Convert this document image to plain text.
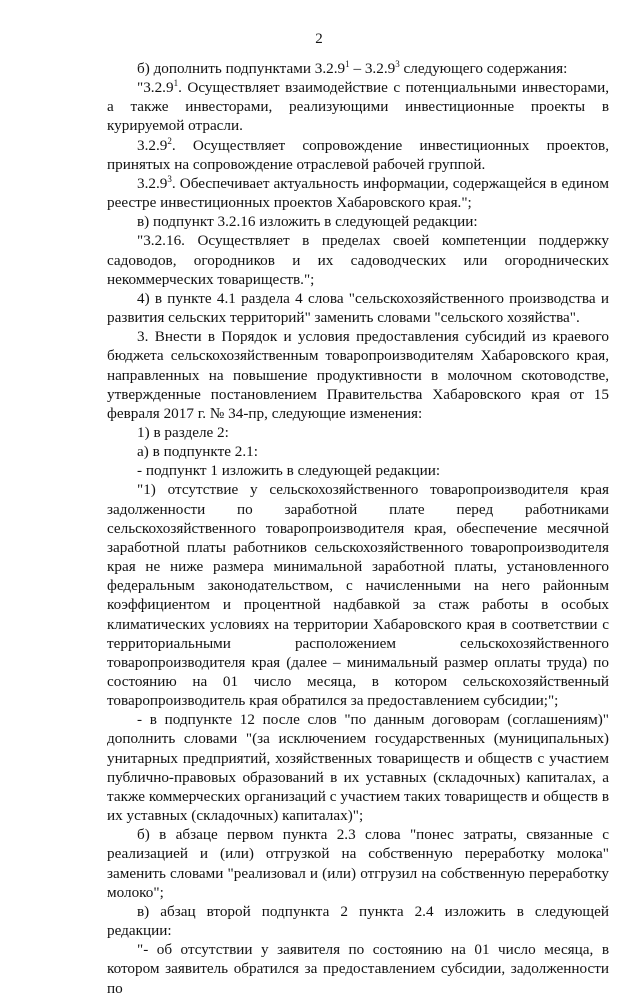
2

б) дополнить подпунктами 3.2.9$^1$ – 3.2.9$^3$ следующего содержания:

"3.2.9$^1$. Осуществляет взаимодействие с потенциальными инвесторами, а также инвесторами, реализующими инвестиционные проекты в курируемой отрасли.

3.2.9$^2$. Осуществляет сопровождение инвестиционных проектов, принятых на сопровождение отраслевой рабочей группой.

3.2.9$^3$. Обеспечивает актуальность информации, содержащейся в едином реестре инвестиционных проектов Хабаровского края.";

в) подпункт 3.2.16 изложить в следующей редакции:

"3.2.16. Осуществляет в пределах своей компетенции поддержку садоводов, огородников и их садоводческих или огороднических некоммерческих товариществ.";

4) в пункте 4.1 раздела 4 слова "сельскохозяйственного производства и развития сельских территорий" заменить словами "сельского хозяйства".

3. Внести в Порядок и условия предоставления субсидий из краевого бюджета сельскохозяйственным товаропроизводителям Хабаровского края, направленных на повышение продуктивности в молочном скотоводстве, утвержденные постановлением Правительства Хабаровского края от 15 февраля 2017 г. № 34-пр, следующие изменения:

1) в разделе 2:

а) в подпункте 2.1:

- подпункт 1 изложить в следующей редакции:

"1) отсутствие у сельскохозяйственного товаропроизводителя края задолженности по заработной плате перед работниками сельскохозяйственного товаропроизводителя края, обеспечение месячной заработной платы работников сельскохозяйственного товаропроизводителя края не ниже размера минимальной заработной платы, установленного федеральным законодательством, с начисленными на него районным коэффициентом и процентной надбавкой за стаж работы в особых климатических условиях на территории Хабаровского края в соответствии с территориальными расположением сельскохозяйственного товаропроизводителя края (далее – минимальный размер оплаты труда) по состоянию на 01 число месяца, в котором сельскохозяйственный товаропроизводитель края обратился за предоставлением субсидии;";

- в подпункте 12 после слов "по данным договорам (соглашениям)" дополнить словами "(за исключением государственных (муниципальных) унитарных предприятий, хозяйственных товариществ и обществ с участием публично-правовых образований в их уставных (складочных) капиталах, а также коммерческих организаций с участием таких товариществ и обществ в их уставных (складочных) капиталах)";

б) в абзаце первом пункта 2.3 слова "понес затраты, связанные с реализацией и (или) отгрузкой на собственную переработку молока" заменить словами "реализовал и (или) отгрузил на собственную переработку молоко";

в) абзац второй подпункта 2 пункта 2.4 изложить в следующей редакции:

"- об отсутствии у заявителя по состоянию на 01 число месяца, в котором заявитель обратился за предоставлением субсидии, задолженности по
